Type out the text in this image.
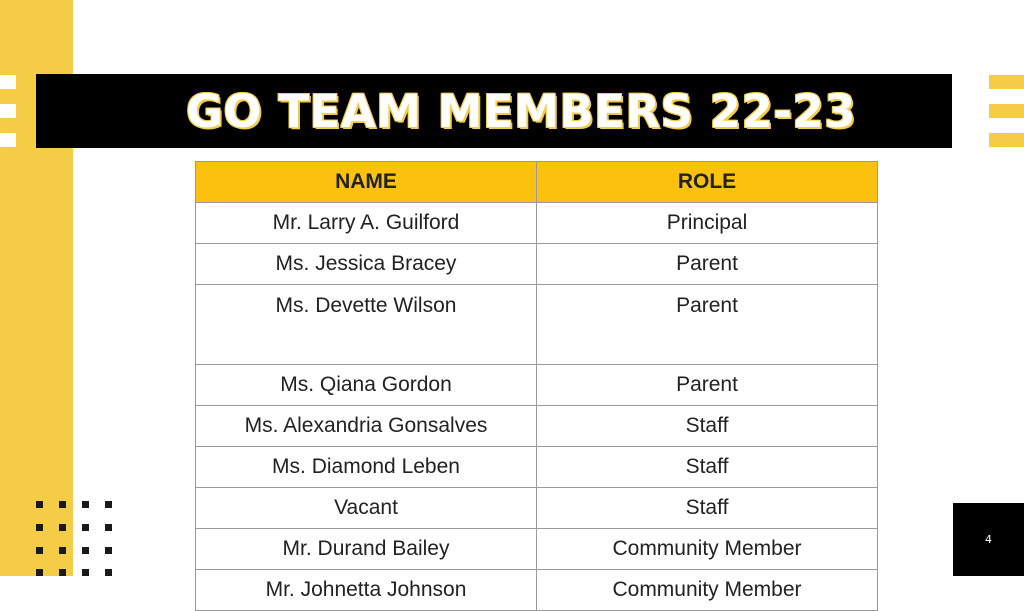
GO TEAM MEMBERS 22-23
NAME	ROLE
Mr. Larry A. Guilford	Principal
Ms. Jessica Bracey	Parent
Ms. Devette Wilson	Parent
Ms. Qiana Gordon	Parent
Ms. Alexandria Gonsalves	Staff
Ms. Diamond Leben	Staff
Vacant	Staff
Mr. Durand Bailey	Community Member
Mr. Johnetta Johnson	Community Member
4
